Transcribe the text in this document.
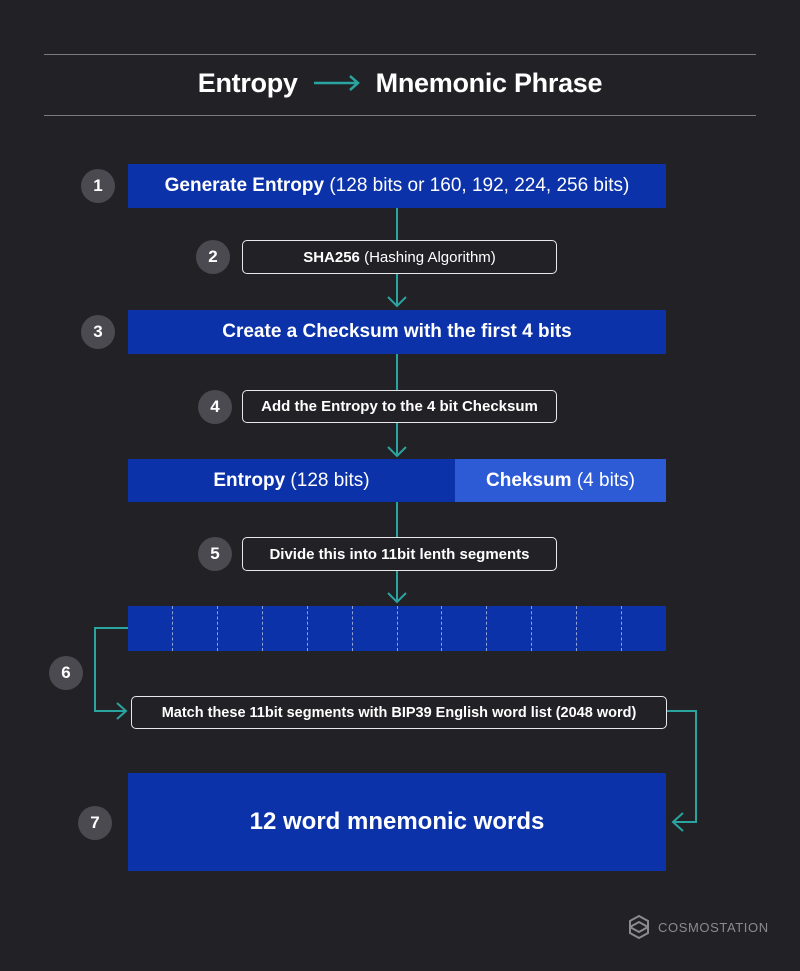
Entropy	Mnemonic Phrase
1	Generate Entropy (128 bits or 160, 192, 224, 256 bits)
2	SHA256 (Hashing Algorithm)
3	Create a Checksum with the first 4 bits
4	Add the Entropy to the 4 bit Checksum
Entropy (128 bits)	Cheksum (4 bits)
5	Divide this into 11bit lenth segments
6
Match these 11bit segments with BIP39 English word list (2048 word)
7	12 word mnemonic words
COSMOSTATION
